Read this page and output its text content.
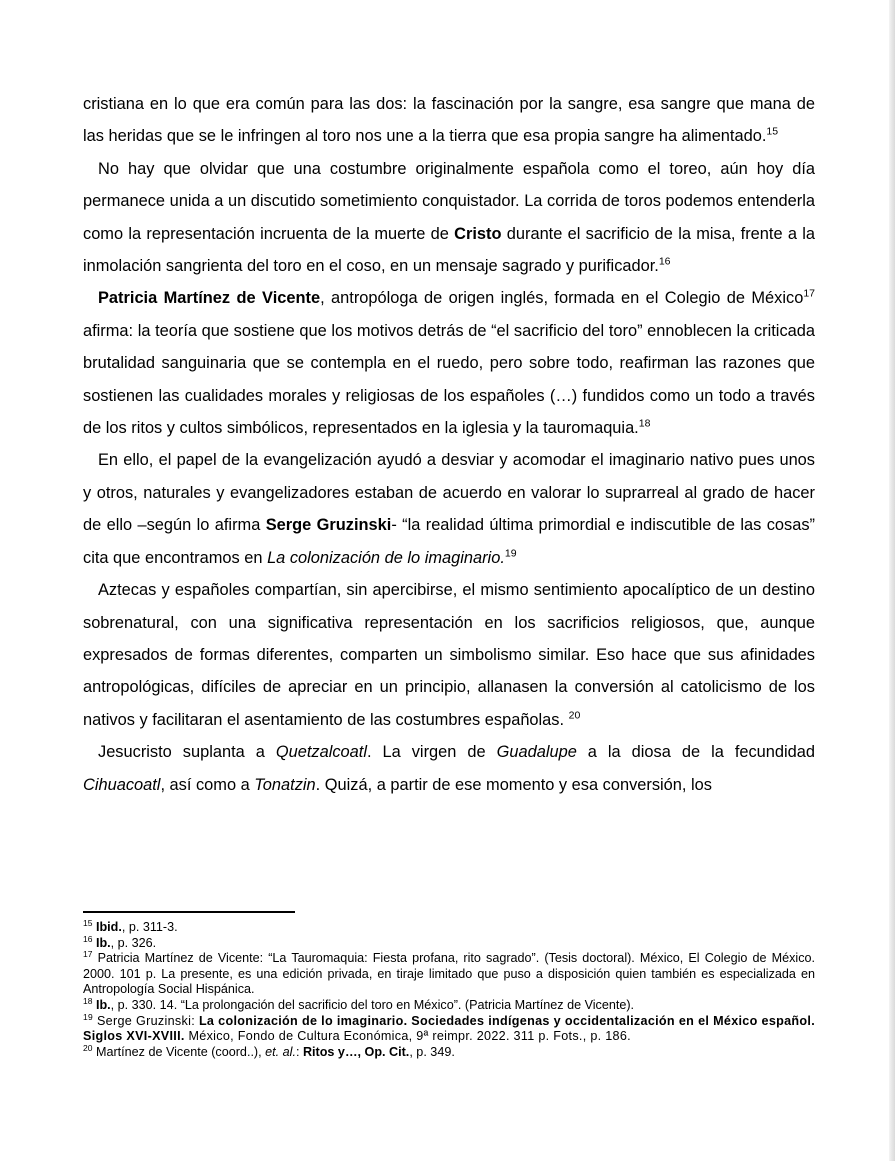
cristiana en lo que era común para las dos: la fascinación por la sangre, esa sangre que mana de las heridas que se le infringen al toro nos une a la tierra que esa propia sangre ha alimentado.$^{15}$

No hay que olvidar que una costumbre originalmente española como el toreo, aún hoy día permanece unida a un discutido sometimiento conquistador. La corrida de toros podemos entenderla como la representación incruenta de la muerte de Cristo durante el sacrificio de la misa, frente a la inmolación sangrienta del toro en el coso, en un mensaje sagrado y purificador.$^{16}$

Patricia Martínez de Vicente, antropóloga de origen inglés, formada en el Colegio de México$^{17}$ afirma: la teoría que sostiene que los motivos detrás de “el sacrificio del toro” ennoblecen la criticada brutalidad sanguinaria que se contempla en el ruedo, pero sobre todo, reafirman las razones que sostienen las cualidades morales y religiosas de los españoles (…) fundidos como un todo a través de los ritos y cultos simbólicos, representados en la iglesia y la tauromaquia.$^{18}$

En ello, el papel de la evangelización ayudó a desviar y acomodar el imaginario nativo pues unos y otros, naturales y evangelizadores estaban de acuerdo en valorar lo suprarreal al grado de hacer de ello –según lo afirma Serge Gruzinski- “la realidad última primordial e indiscutible de las cosas” cita que encontramos en La colonización de lo imaginario.$^{19}$

Aztecas y españoles compartían, sin apercibirse, el mismo sentimiento apocalíptico de un destino sobrenatural, con una significativa representación en los sacrificios religiosos, que, aunque expresados de formas diferentes, comparten un simbolismo similar. Eso hace que sus afinidades antropológicas, difíciles de apreciar en un principio, allanasen la conversión al catolicismo de los nativos y facilitaran el asentamiento de las costumbres españolas. $^{20}$

Jesucristo suplanta a Quetzalcoatl. La virgen de Guadalupe a la diosa de la fecundidad Cihuacoatl, así como a Tonatzin. Quizá, a partir de ese momento y esa conversión, los

$^{15}$ Ibid., p. 311-3.

$^{16}$ Ib., p. 326.

$^{17}$ Patricia Martínez de Vicente: “La Tauromaquia: Fiesta profana, rito sagrado”. (Tesis doctoral). México, El Colegio de México. 2000. 101 p. La presente, es una edición privada, en tiraje limitado que puso a disposición quien también es especializada en Antropología Social Hispánica.

$^{18}$ Ib., p. 330. 14. “La prolongación del sacrificio del toro en México”. (Patricia Martínez de Vicente).

$^{19}$ Serge Gruzinski: La colonización de lo imaginario. Sociedades indígenas y occidentalización en el México español. Siglos XVI-XVIII. México, Fondo de Cultura Económica, 9ª reimpr. 2022. 311 p. Fots., p. 186.

$^{20}$ Martínez de Vicente (coord..), et. al.: Ritos y…, Op. Cit., p. 349.
